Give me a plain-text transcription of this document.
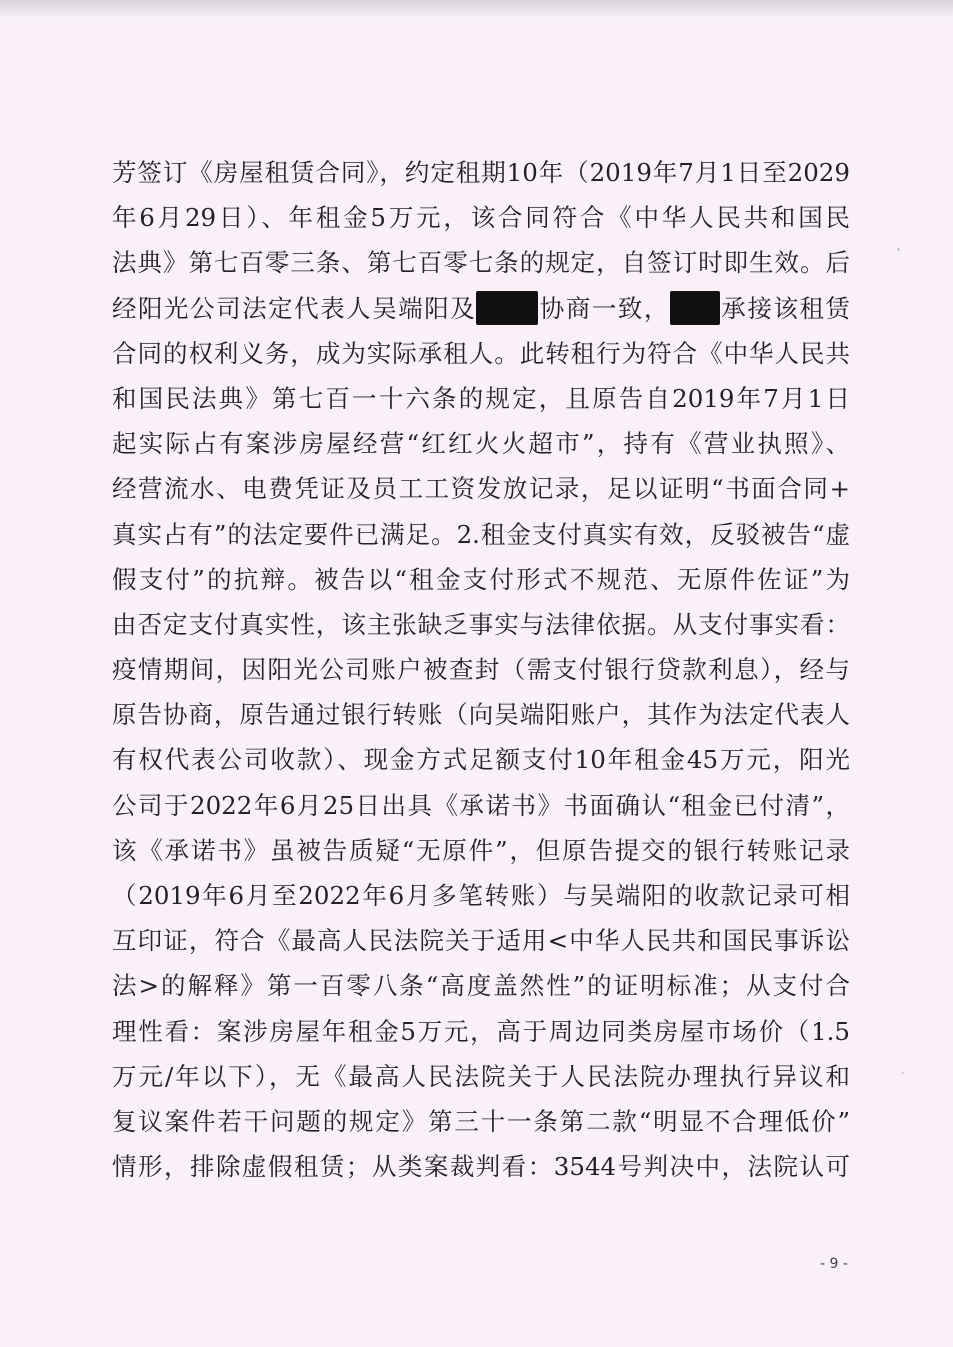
芳签订《房屋租赁合同》，约定租期10年（2019年7月1日至2029
年6月29日）、年租金5万元，该合同符合《中华人民共和国民
法典》第七百零三条、第七百零七条的规定，自签订时即生效。后
经阳光公司法定代表人吴端阳及	协商一致， 承接该租赁
合同的权利义务，成为实际承租人。此转租行为符合《中华人民共
和国民法典》第七百一十六条的规定，且原告自2019年7月1日
起实际占有案涉房屋经营“红红火火超市”，持有《营业执照》、
经营流水、电费凭证及员工工资发放记录，足以证明“书面合同+
真实占有”的法定要件已满足。2.租金支付真实有效，反驳被告“虚
假支付”的抗辩。被告以“租金支付形式不规范、无原件佐证”为
由否定支付真实性，该主张缺乏事实与法律依据。从支付事实看：
疫情期间，因阳光公司账户被查封（需支付银行贷款利息），经与
原告协商，原告通过银行转账（向吴端阳账户，其作为法定代表人
有权代表公司收款）、现金方式足额支付10年租金45万元，阳光
公司于2022年6月25日出具《承诺书》书面确认“租金已付清”，
该《承诺书》虽被告质疑“无原件”，但原告提交的银行转账记录
（2019年6月至2022年6月多笔转账）与吴端阳的收款记录可相
互印证，符合《最高人民法院关于适用<中华人民共和国民事诉讼
法>的解释》第一百零八条“高度盖然性”的证明标准；从支付合
理性看：案涉房屋年租金5万元，高于周边同类房屋市场价（1.5
万元/年以下），无《最高人民法院关于人民法院办理执行异议和
复议案件若干问题的规定》第三十一条第二款“明显不合理低价”
情形，排除虚假租赁；从类案裁判看：3544号判决中，法院认可
- 9 -
